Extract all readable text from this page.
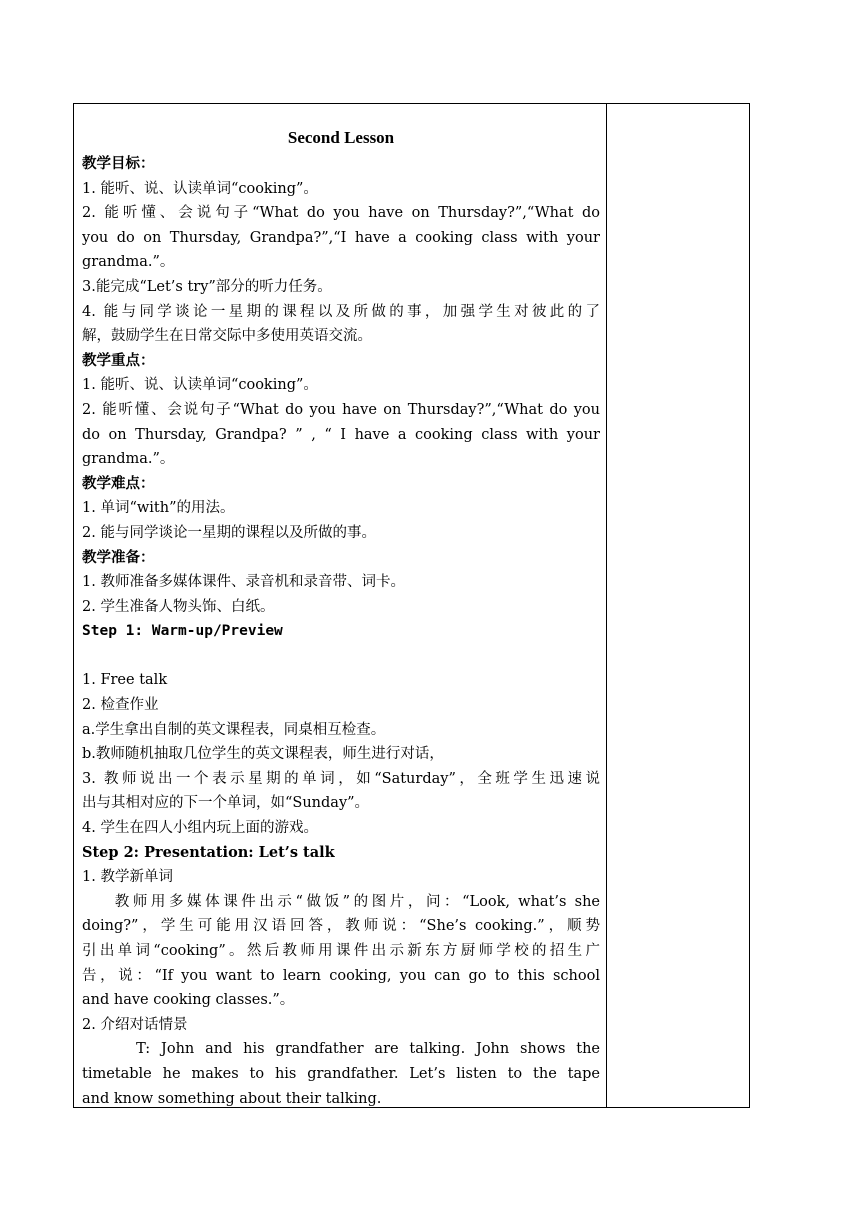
Second Lesson
教学目标：
1. 能听、说、认读单词“cooking”。
2. 能听懂、会说句子“What do you have on Thursday?”,“What do
you do on Thursday, Grandpa?”,“I have a cooking class with your
grandma.”。
3.能完成“Let’s try”部分的听力任务。
4. 能与同学谈论一星期的课程以及所做的事，加强学生对彼此的了
解，鼓励学生在日常交际中多使用英语交流。
教学重点：
1. 能听、说、认读单词“cooking”。
2. 能听懂、会说句子“What do you have on Thursday?”,“What do you
do on Thursday, Grandpa? ” , “ I have a cooking class with your
grandma.”。
教学难点：
1. 单词“with”的用法。
2. 能与同学谈论一星期的课程以及所做的事。
教学准备：
1. 教师准备多媒体课件、录音机和录音带、词卡。
2. 学生准备人物头饰、白纸。
Step 1: Warm-up/Preview
1. Free talk
2. 检查作业
a.学生拿出自制的英文课程表，同桌相互检查。
b.教师随机抽取几位学生的英文课程表，师生进行对话，
3. 教师说出一个表示星期的单词，如“Saturday”，全班学生迅速说
出与其相对应的下一个单词，如“Sunday”。
4. 学生在四人小组内玩上面的游戏。
Step 2: Presentation: Let’s talk
1. 教学新单词
教师用多媒体课件出示“做饭”的图片，问：“Look, what’s she
doing?”，学生可能用汉语回答，教师说：“She’s cooking.”，顺势
引出单词“cooking”。然后教师用课件出示新东方厨师学校的招生广
告，说：“If you want to learn cooking, you can go to this school
and have cooking classes.”。
2. 介绍对话情景
T: John and his grandfather are talking. John shows the
timetable he makes to his grandfather. Let’s listen to the tape
and know something about their talking.
